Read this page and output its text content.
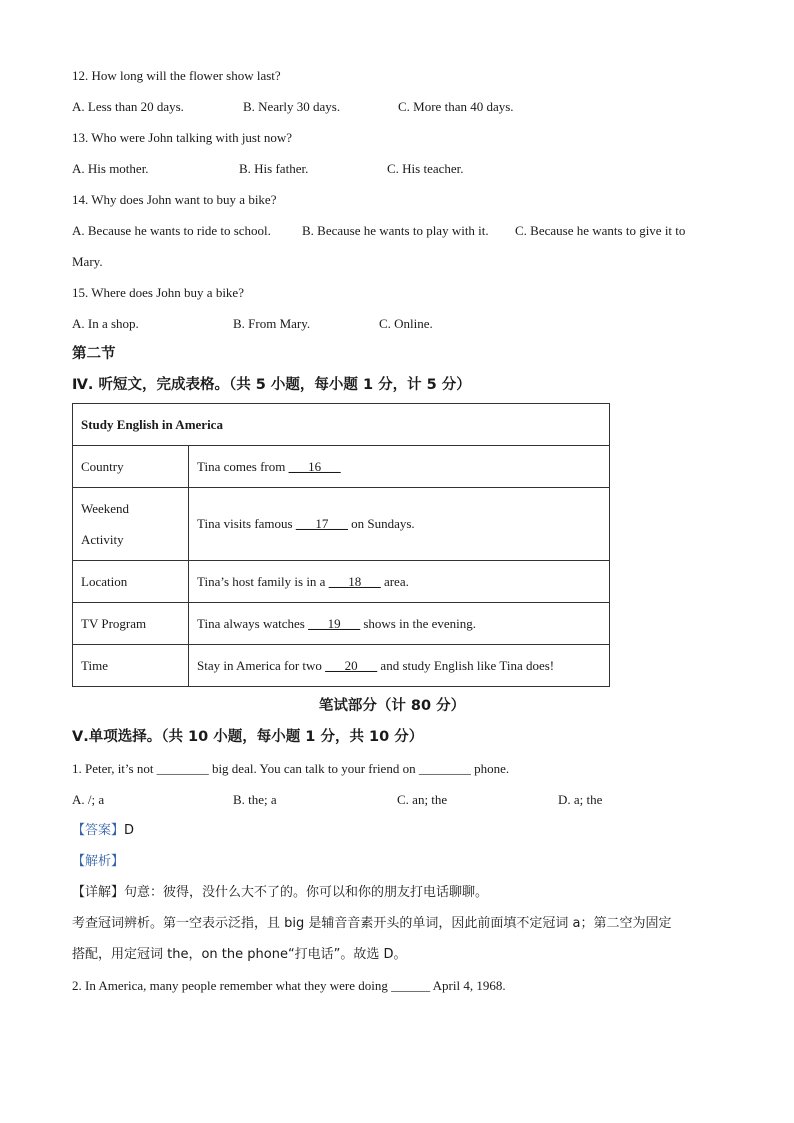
12. How long will the flower show last?
A. Less than 20 days.	B. Nearly 30 days.	C. More than 40 days.
13. Who were John talking with just now?
A. His mother.	B. His father.	C. His teacher.
14. Why does John want to buy a bike?
A. Because he wants to ride to school.	B. Because he wants to play with it.	C. Because he wants to give it to
Mary.
15. Where does John buy a bike?
A. In a shop.	B. From Mary.	C. Online.
第二节
Ⅳ. 听短文，完成表格。（共 5 小题，每小题 1 分，计 5 分）
Study English in America	
Country	Tina comes from ___16___

Weekend
Activity	Tina visits famous ___17___ on Sundays.
Location	Tina’s host family is in a ___18___ area.
TV Program	Tina always watches ___19___ shows in the evening.
Time	Stay in America for two ___20___ and study English like Tina does!
笔试部分（计 80 分）
Ⅴ.单项选择。（共 10 小题，每小题 1 分，共 10 分）
1. Peter, it’s not ________ big deal. You can talk to your friend on ________ phone.
A. /; a	B. the; a	C. an; the	D. a; the
【答案】D
【解析】
【详解】句意：彼得，没什么大不了的。你可以和你的朋友打电话聊聊。
考查冠词辨析。第一空表示泛指，且 big 是辅音音素开头的单词，因此前面填不定冠词 a；第二空为固定
搭配，用定冠词 the，on the phone“打电话”。故选 D。
2. In America, many people remember what they were doing ______ April 4, 1968.
